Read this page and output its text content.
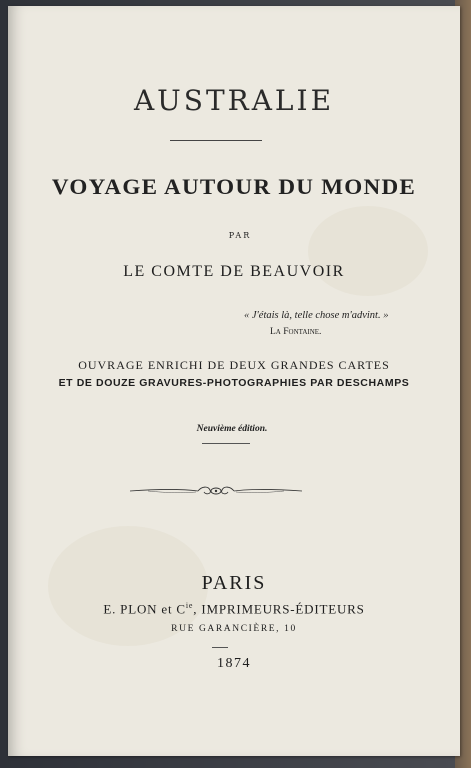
AUSTRALIE
VOYAGE AUTOUR DU MONDE
PAR
LE COMTE DE BEAUVOIR
« J'étais là, telle chose m'advint. »
La Fontaine.
OUVRAGE ENRICHI DE DEUX GRANDES CARTES
ET DE DOUZE GRAVURES-PHOTOGRAPHIES PAR DESCHAMPS
Neuvième édition.
PARIS
E. PLON et $C^{ie}$, IMPRIMEURS-ÉDITEURS
RUE GARANCIÈRE, 10
1874
